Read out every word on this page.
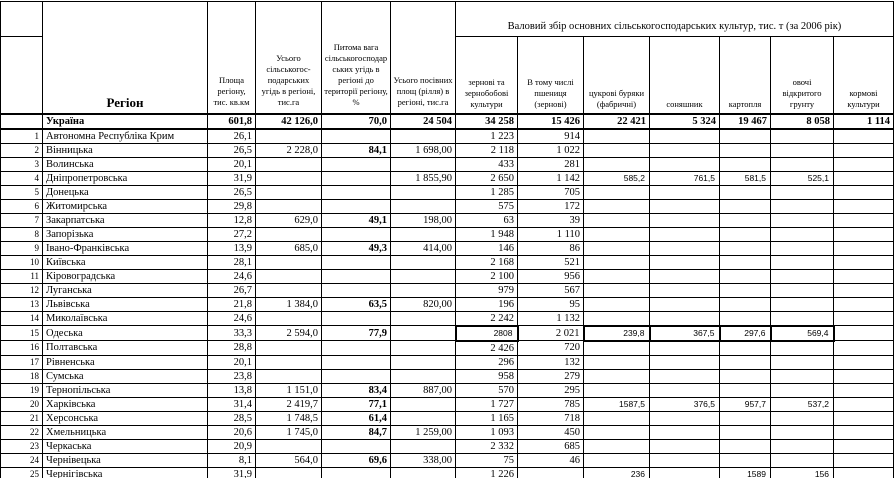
	Регіон	Площа регіону, тис. кв.км	Усього сільськогос-подарських угідь в регіоні, тис.га	Питома вага сільськогосподарських угідь в регіоні до території регіону, %	Усього посівних площ (рілля) в регіоні, тис.га	Валовий збір основних сільськогосподарських культур, тис. т (за 2006 рік)						
						зернові та зернобобові культури	В тому числі пшениця (зернові)	цукрові буряки (фабричні)	соняшник	картопля	овочі відкритого грунту	кормові культури
	Україна	601,8	42 126,0	70,0	24 504	34 258	15 426	22 421	5 324	19 467	8 058	1 114
1	Автономна Республіка Крим	26,1				1 223	914					
2	Вінницька	26,5	2 228,0	84,1	1 698,00	2 118	1 022					
3	Волинська	20,1				433	281					
4	Дніпропетровська	31,9			1 855,90	2 650	1 142	585,2	761,5	581,5	525,1	
5	Донецька	26,5				1 285	705					
6	Житомирська	29,8				575	172					
7	Закарпатська	12,8	629,0	49,1	198,00	63	39					
8	Запорізька	27,2				1 948	1 110					
9	Івано-Франківська	13,9	685,0	49,3	414,00	146	86					
10	Київська	28,1				2 168	521					
11	Кіровоградська	24,6				2 100	956					
12	Луганська	26,7				979	567					
13	Львівська	21,8	1 384,0	63,5	820,00	196	95					
14	Миколаївська	24,6				2 242	1 132					
15	Одеська	33,3	2 594,0	77,9		2808	2 021	239,8	367,5	297,6	569,4	
16	Полтавська	28,8				2 426	720					
17	Рівненська	20,1				296	132					
18	Сумська	23,8				958	279					
19	Тернопільська	13,8	1 151,0	83,4	887,00	570	295					
20	Харківська	31,4	2 419,7	77,1		1 727	785	1587,5	376,5	957,7	537,2	
21	Херсонська	28,5	1 748,5	61,4		1 165	718					
22	Хмельницька	20,6	1 745,0	84,7	1 259,00	1 093	450					
23	Черкаська	20,9				2 332	685					
24	Чернівецька	8,1	564,0	69,6	338,00	75	46					
25	Чернігівська	31,9				1 226		236		1589	156	
